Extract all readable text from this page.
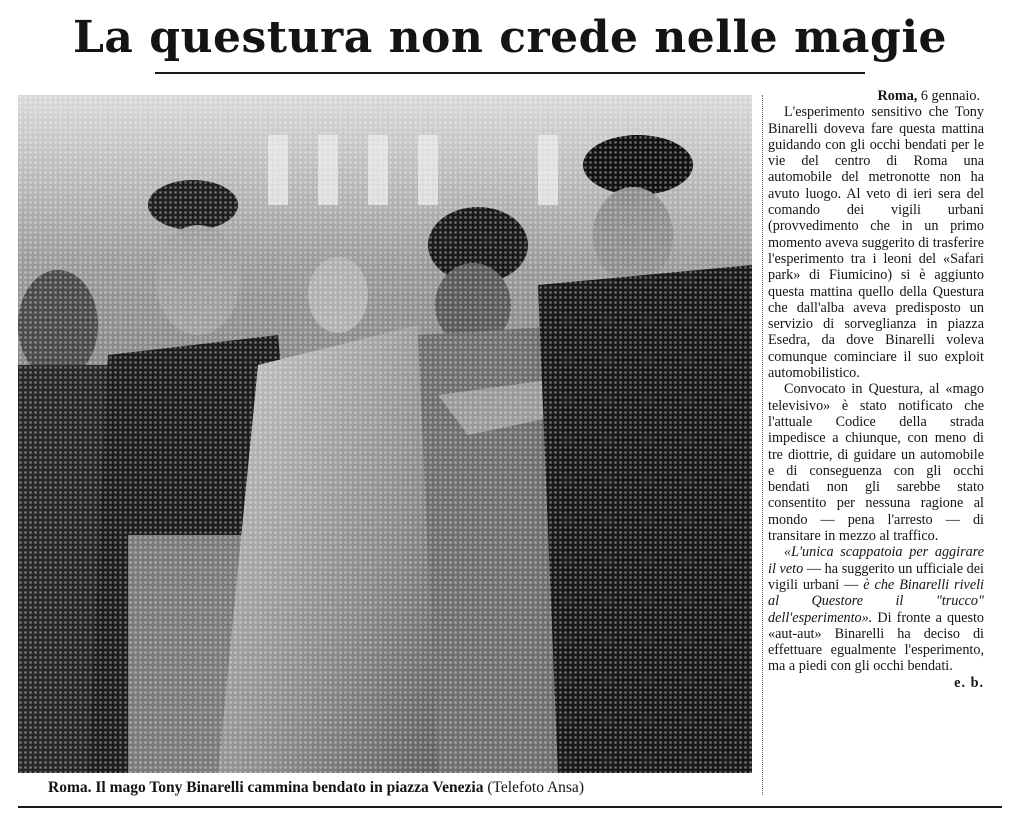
La questura non crede nelle magie
Roma. Il mago Tony Binarelli cammina bendato in piazza Venezia (Telefoto Ansa)

Roma, 6 gennaio.

L'esperimento sensitivo che Tony Binarelli doveva fare questa mattina guidando con gli occhi bendati per le vie del centro di Roma una automobile del metronotte non ha avuto luogo. Al veto di ieri sera del comando dei vigili urbani (provvedimento che in un primo momento aveva suggerito di trasferire l'esperimento tra i leoni del «Safari park» di Fiumicino) si è aggiunto questa mattina quello della Questura che dall'alba aveva predisposto un servizio di sorveglianza in piazza Esedra, da dove Binarelli voleva comunque cominciare il suo exploit automobilistico.

Convocato in Questura, al «mago televisivo» è stato notificato che l'attuale Codice della strada impedisce a chiunque, con meno di tre diottrie, di guidare un automobile e di conseguenza con gli occhi bendati non gli sarebbe stato consentito per nessuna ragione al mondo — pena l'arresto — di transitare in mezzo al traffico.

«L'unica scappatoia per aggirare il veto — ha suggerito un ufficiale dei vigili urbani — è che Binarelli riveli al Questore il "trucco" dell'esperimento». Di fronte a questo «aut-aut» Binarelli ha deciso di effettuare egualmente l'esperimento, ma a piedi con gli occhi bendati.
e. b.
